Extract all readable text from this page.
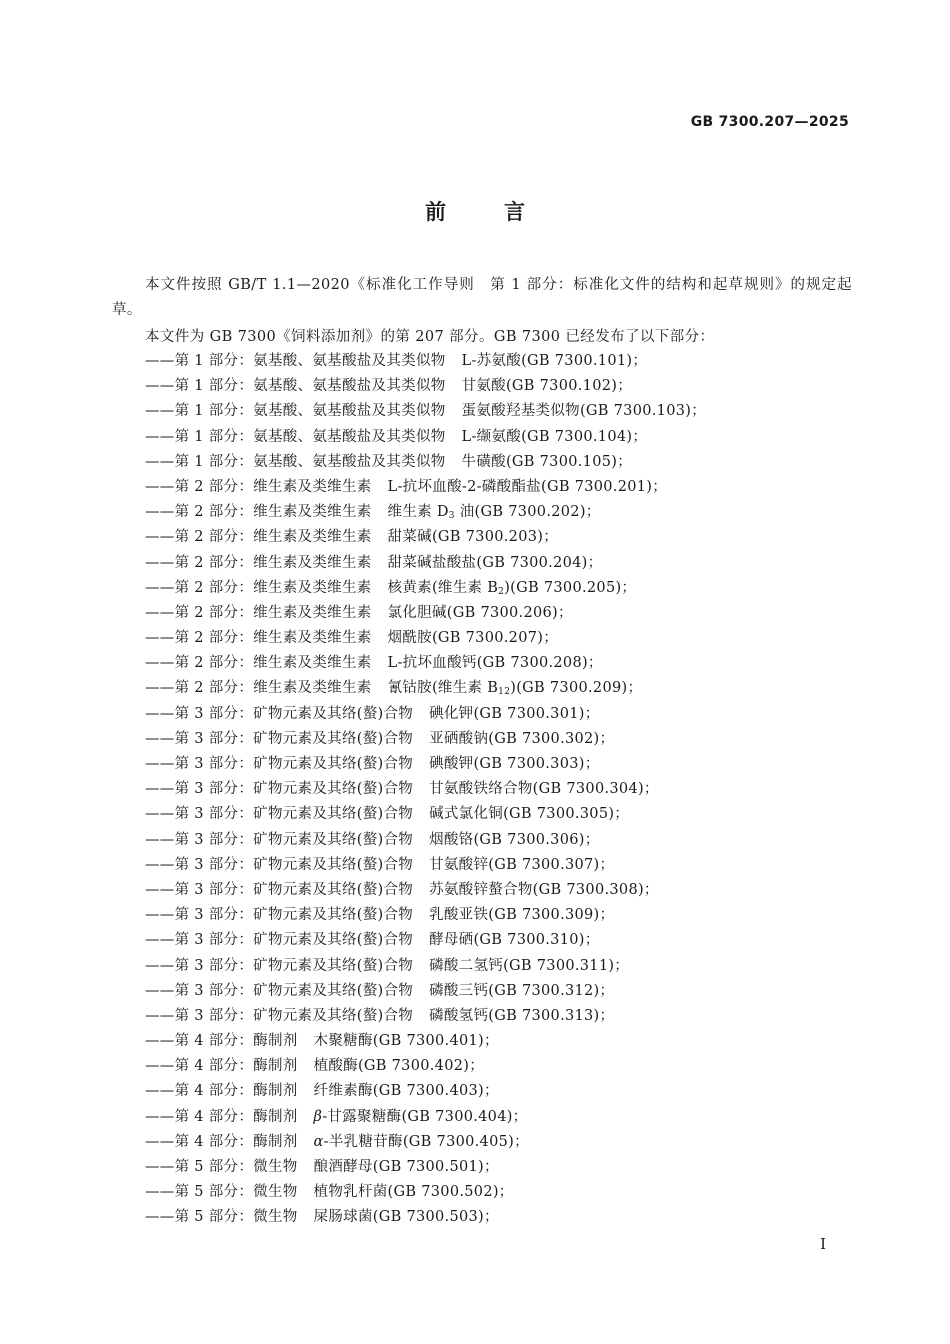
GB 7300.207—2025
前言

本文件按照 GB/T 1.1—2020《标准化工作导则　第 1 部分：标准化文件的结构和起草规则》的规定起草。

本文件为 GB 7300《饲料添加剂》的第 207 部分。GB 7300 已经发布了以下部分：

——第 1 部分：氨基酸、氨基酸盐及其类似物 L-苏氨酸(GB 7300.101)；
——第 1 部分：氨基酸、氨基酸盐及其类似物 甘氨酸(GB 7300.102)；
——第 1 部分：氨基酸、氨基酸盐及其类似物 蛋氨酸羟基类似物(GB 7300.103)；
——第 1 部分：氨基酸、氨基酸盐及其类似物 L-缬氨酸(GB 7300.104)；
——第 1 部分：氨基酸、氨基酸盐及其类似物 牛磺酸(GB 7300.105)；
——第 2 部分：维生素及类维生素 L-抗坏血酸-2-磷酸酯盐(GB 7300.201)；
——第 2 部分：维生素及类维生素 维生素 $D_3$ 油(GB 7300.202)；
——第 2 部分：维生素及类维生素 甜菜碱(GB 7300.203)；
——第 2 部分：维生素及类维生素 甜菜碱盐酸盐(GB 7300.204)；
——第 2 部分：维生素及类维生素 核黄素(维生素 $B_2)(GB$ 7300.205)；
——第 2 部分：维生素及类维生素 氯化胆碱(GB 7300.206)；
——第 2 部分：维生素及类维生素 烟酰胺(GB 7300.207)；
——第 2 部分：维生素及类维生素 L-抗坏血酸钙(GB 7300.208)；
——第 2 部分：维生素及类维生素 氰钴胺(维生素 $B_{12})(GB$ 7300.209)；
——第 3 部分：矿物元素及其络(螯)合物 碘化钾(GB 7300.301)；
——第 3 部分：矿物元素及其络(螯)合物 亚硒酸钠(GB 7300.302)；
——第 3 部分：矿物元素及其络(螯)合物 碘酸钾(GB 7300.303)；
——第 3 部分：矿物元素及其络(螯)合物 甘氨酸铁络合物(GB 7300.304)；
——第 3 部分：矿物元素及其络(螯)合物 碱式氯化铜(GB 7300.305)；
——第 3 部分：矿物元素及其络(螯)合物 烟酸铬(GB 7300.306)；
——第 3 部分：矿物元素及其络(螯)合物 甘氨酸锌(GB 7300.307)；
——第 3 部分：矿物元素及其络(螯)合物 苏氨酸锌螯合物(GB 7300.308)；
——第 3 部分：矿物元素及其络(螯)合物 乳酸亚铁(GB 7300.309)；
——第 3 部分：矿物元素及其络(螯)合物 酵母硒(GB 7300.310)；
——第 3 部分：矿物元素及其络(螯)合物 磷酸二氢钙(GB 7300.311)；
——第 3 部分：矿物元素及其络(螯)合物 磷酸三钙(GB 7300.312)；
——第 3 部分：矿物元素及其络(螯)合物 磷酸氢钙(GB 7300.313)；
——第 4 部分：酶制剂 木聚糖酶(GB 7300.401)；
——第 4 部分：酶制剂 植酸酶(GB 7300.402)；
——第 4 部分：酶制剂 纤维素酶(GB 7300.403)；
——第 4 部分：酶制剂 β-甘露聚糖酶(GB 7300.404)；
——第 4 部分：酶制剂 α-半乳糖苷酶(GB 7300.405)；
——第 5 部分：微生物 酿酒酵母(GB 7300.501)；
——第 5 部分：微生物 植物乳杆菌(GB 7300.502)；
——第 5 部分：微生物 屎肠球菌(GB 7300.503)；
I
